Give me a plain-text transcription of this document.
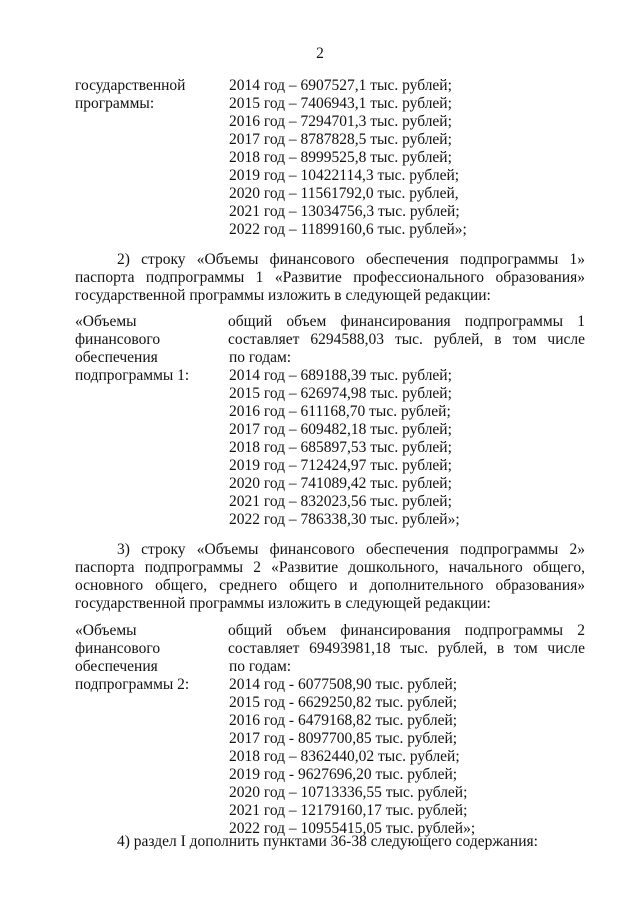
2
государственной
программы:
2014 год – 6907527,1 тыс. рублей;
2015 год – 7406943,1 тыс. рублей;
2016 год – 7294701,3 тыс. рублей;
2017 год – 8787828,5 тыс. рублей;
2018 год – 8999525,8 тыс. рублей;
2019 год – 10422114,3 тыс. рублей;
2020 год – 11561792,0 тыс. рублей,
2021 год – 13034756,3 тыс. рублей;
2022 год – 11899160,6 тыс. рублей»;
2) строку «Объемы финансового обеспечения подпрограммы 1»
паспорта подпрограммы 1 «Развитие профессионального образования»
государственной программы изложить в следующей редакции:
«Объемы
финансового
обеспечения
подпрограммы 1:
общий объем финансирования подпрограммы 1
составляет 6294588,03 тыс. рублей, в том числе
по годам:
2014 год – 689188,39 тыс. рублей;
2015 год – 626974,98 тыс. рублей;
2016 год – 611168,70 тыс. рублей;
2017 год – 609482,18 тыс. рублей;
2018 год – 685897,53 тыс. рублей;
2019 год – 712424,97 тыс. рублей;
2020 год – 741089,42 тыс. рублей;
2021 год – 832023,56 тыс. рублей;
2022 год – 786338,30 тыс. рублей»;
3) строку «Объемы финансового обеспечения подпрограммы 2»
паспорта подпрограммы 2 «Развитие дошкольного, начального общего,
основного общего, среднего общего и дополнительного образования»
государственной программы изложить в следующей редакции:
«Объемы
финансового
обеспечения
подпрограммы 2:
общий объем финансирования подпрограммы 2
составляет 69493981,18 тыс. рублей, в том числе
по годам:
2014 год - 6077508,90 тыс. рублей;
2015 год - 6629250,82 тыс. рублей;
2016 год - 6479168,82 тыс. рублей;
2017 год - 8097700,85 тыс. рублей;
2018 год – 8362440,02 тыс. рублей;
2019 год - 9627696,20 тыс. рублей;
2020 год – 10713336,55 тыс. рублей;
2021 год – 12179160,17 тыс. рублей;
2022 год – 10955415,05 тыс. рублей»;
4) раздел I дополнить пунктами 36-38 следующего содержания:
